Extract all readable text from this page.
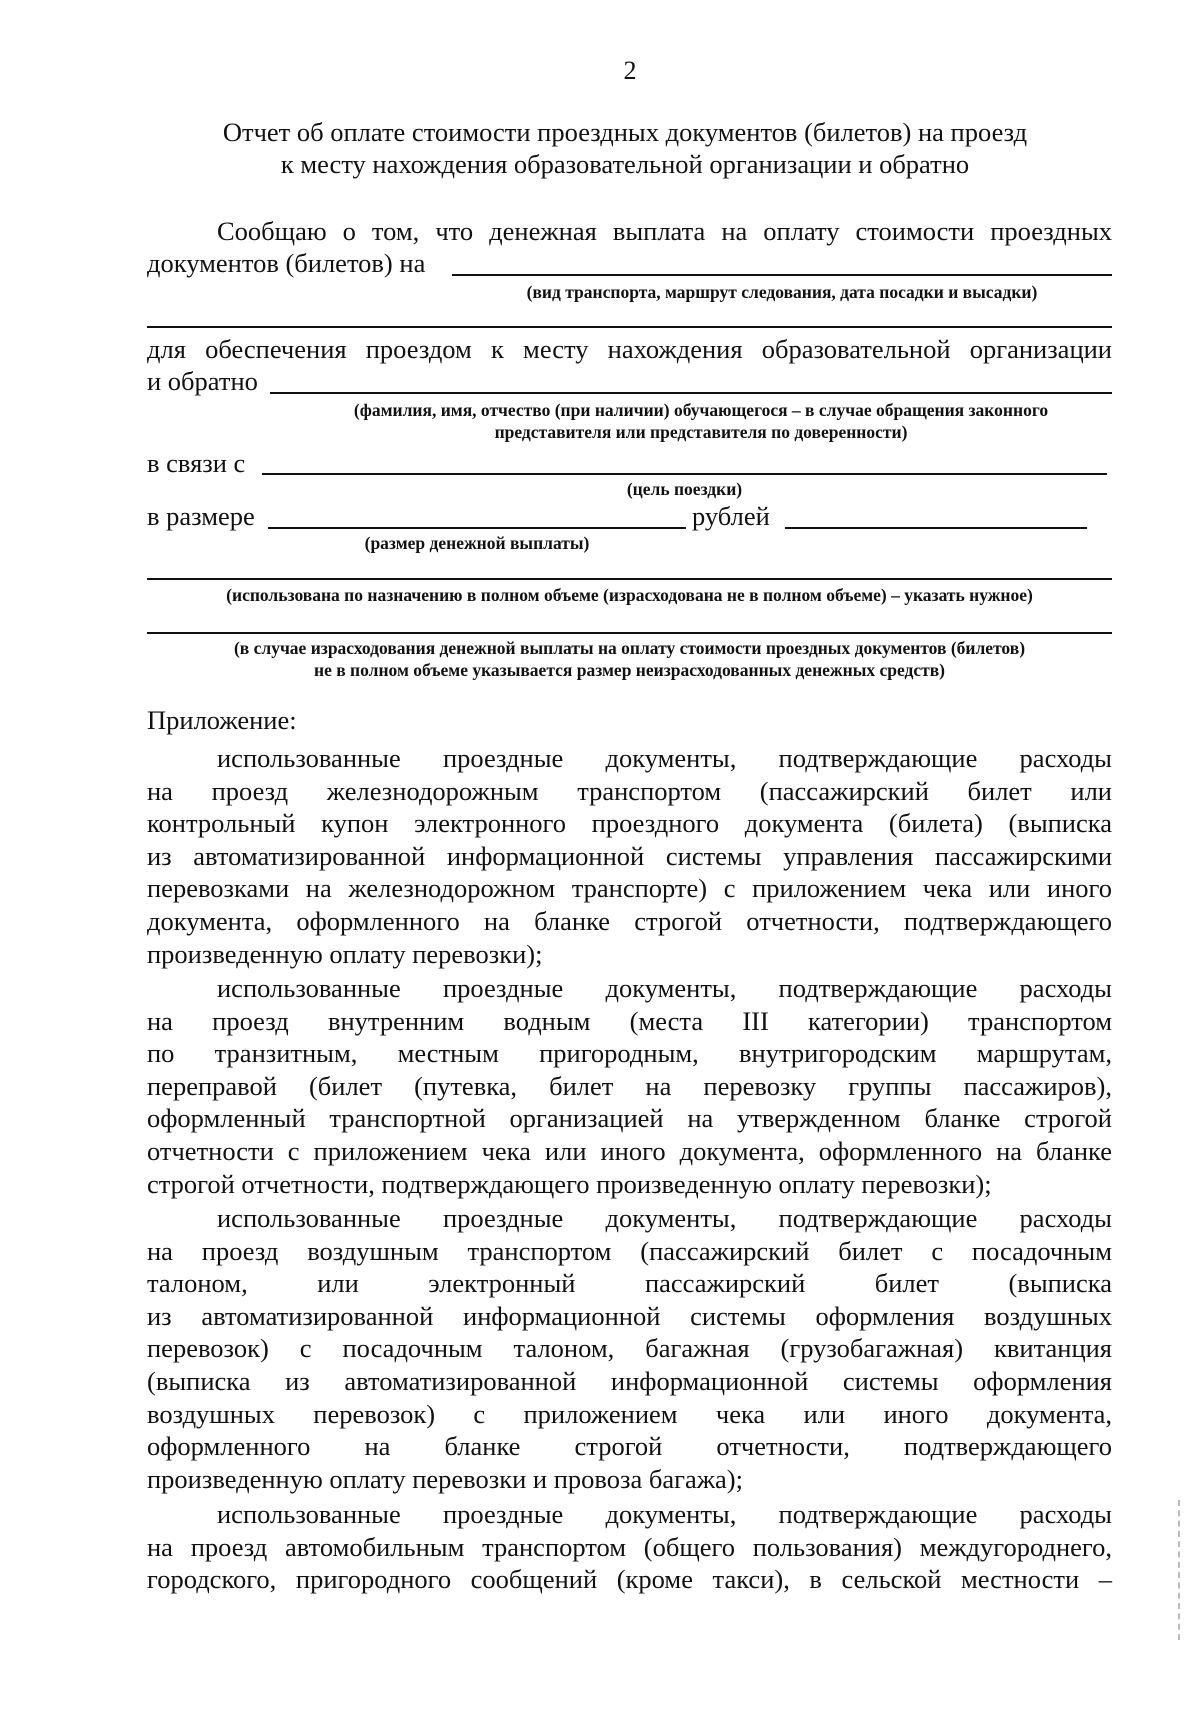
2
Отчет об оплате стоимости проездных документов (билетов) на проезд
к месту нахождения образовательной организации и обратно
Сообщаю о том, что денежная выплата на оплату стоимости проездных
документов (билетов) на
(вид транспорта, маршрут следования, дата посадки и высадки)
для обеспечения проездом к месту нахождения образовательной организации
и обратно
(фамилия, имя, отчество (при наличии) обучающегося – в случае обращения законного
представителя или представителя по доверенности)
в связи с
(цель поездки)
в размере	рублей
(размер денежной выплаты)
(использована по назначению в полном объеме (израсходована не в полном объеме) – указать нужное)
(в случае израсходования денежной выплаты на оплату стоимости проездных документов (билетов)
не в полном объеме указывается размер неизрасходованных денежных средств)
Приложение:
использованные проездные документы, подтверждающие расходы
на проезд железнодорожным транспортом (пассажирский билет или
контрольный купон электронного проездного документа (билета) (выписка
из автоматизированной информационной системы управления пассажирскими
перевозками на железнодорожном транспорте) с приложением чека или иного
документа, оформленного на бланке строгой отчетности, подтверждающего
произведенную оплату перевозки);
использованные проездные документы, подтверждающие расходы
на проезд внутренним водным (места III категории) транспортом
по транзитным, местным пригородным, внутригородским маршрутам,
переправой (билет (путевка, билет на перевозку группы пассажиров),
оформленный транспортной организацией на утвержденном бланке строгой
отчетности с приложением чека или иного документа, оформленного на бланке
строгой отчетности, подтверждающего произведенную оплату перевозки);
использованные проездные документы, подтверждающие расходы
на проезд воздушным транспортом (пассажирский билет с посадочным
талоном, или электронный пассажирский билет (выписка
из автоматизированной информационной системы оформления воздушных
перевозок) с посадочным талоном, багажная (грузобагажная) квитанция
(выписка из автоматизированной информационной системы оформления
воздушных перевозок) с приложением чека или иного документа,
оформленного на бланке строгой отчетности, подтверждающего
произведенную оплату перевозки и провоза багажа);
использованные проездные документы, подтверждающие расходы
на проезд автомобильным транспортом (общего пользования) междугороднего,
городского, пригородного сообщений (кроме такси), в сельской местности –
